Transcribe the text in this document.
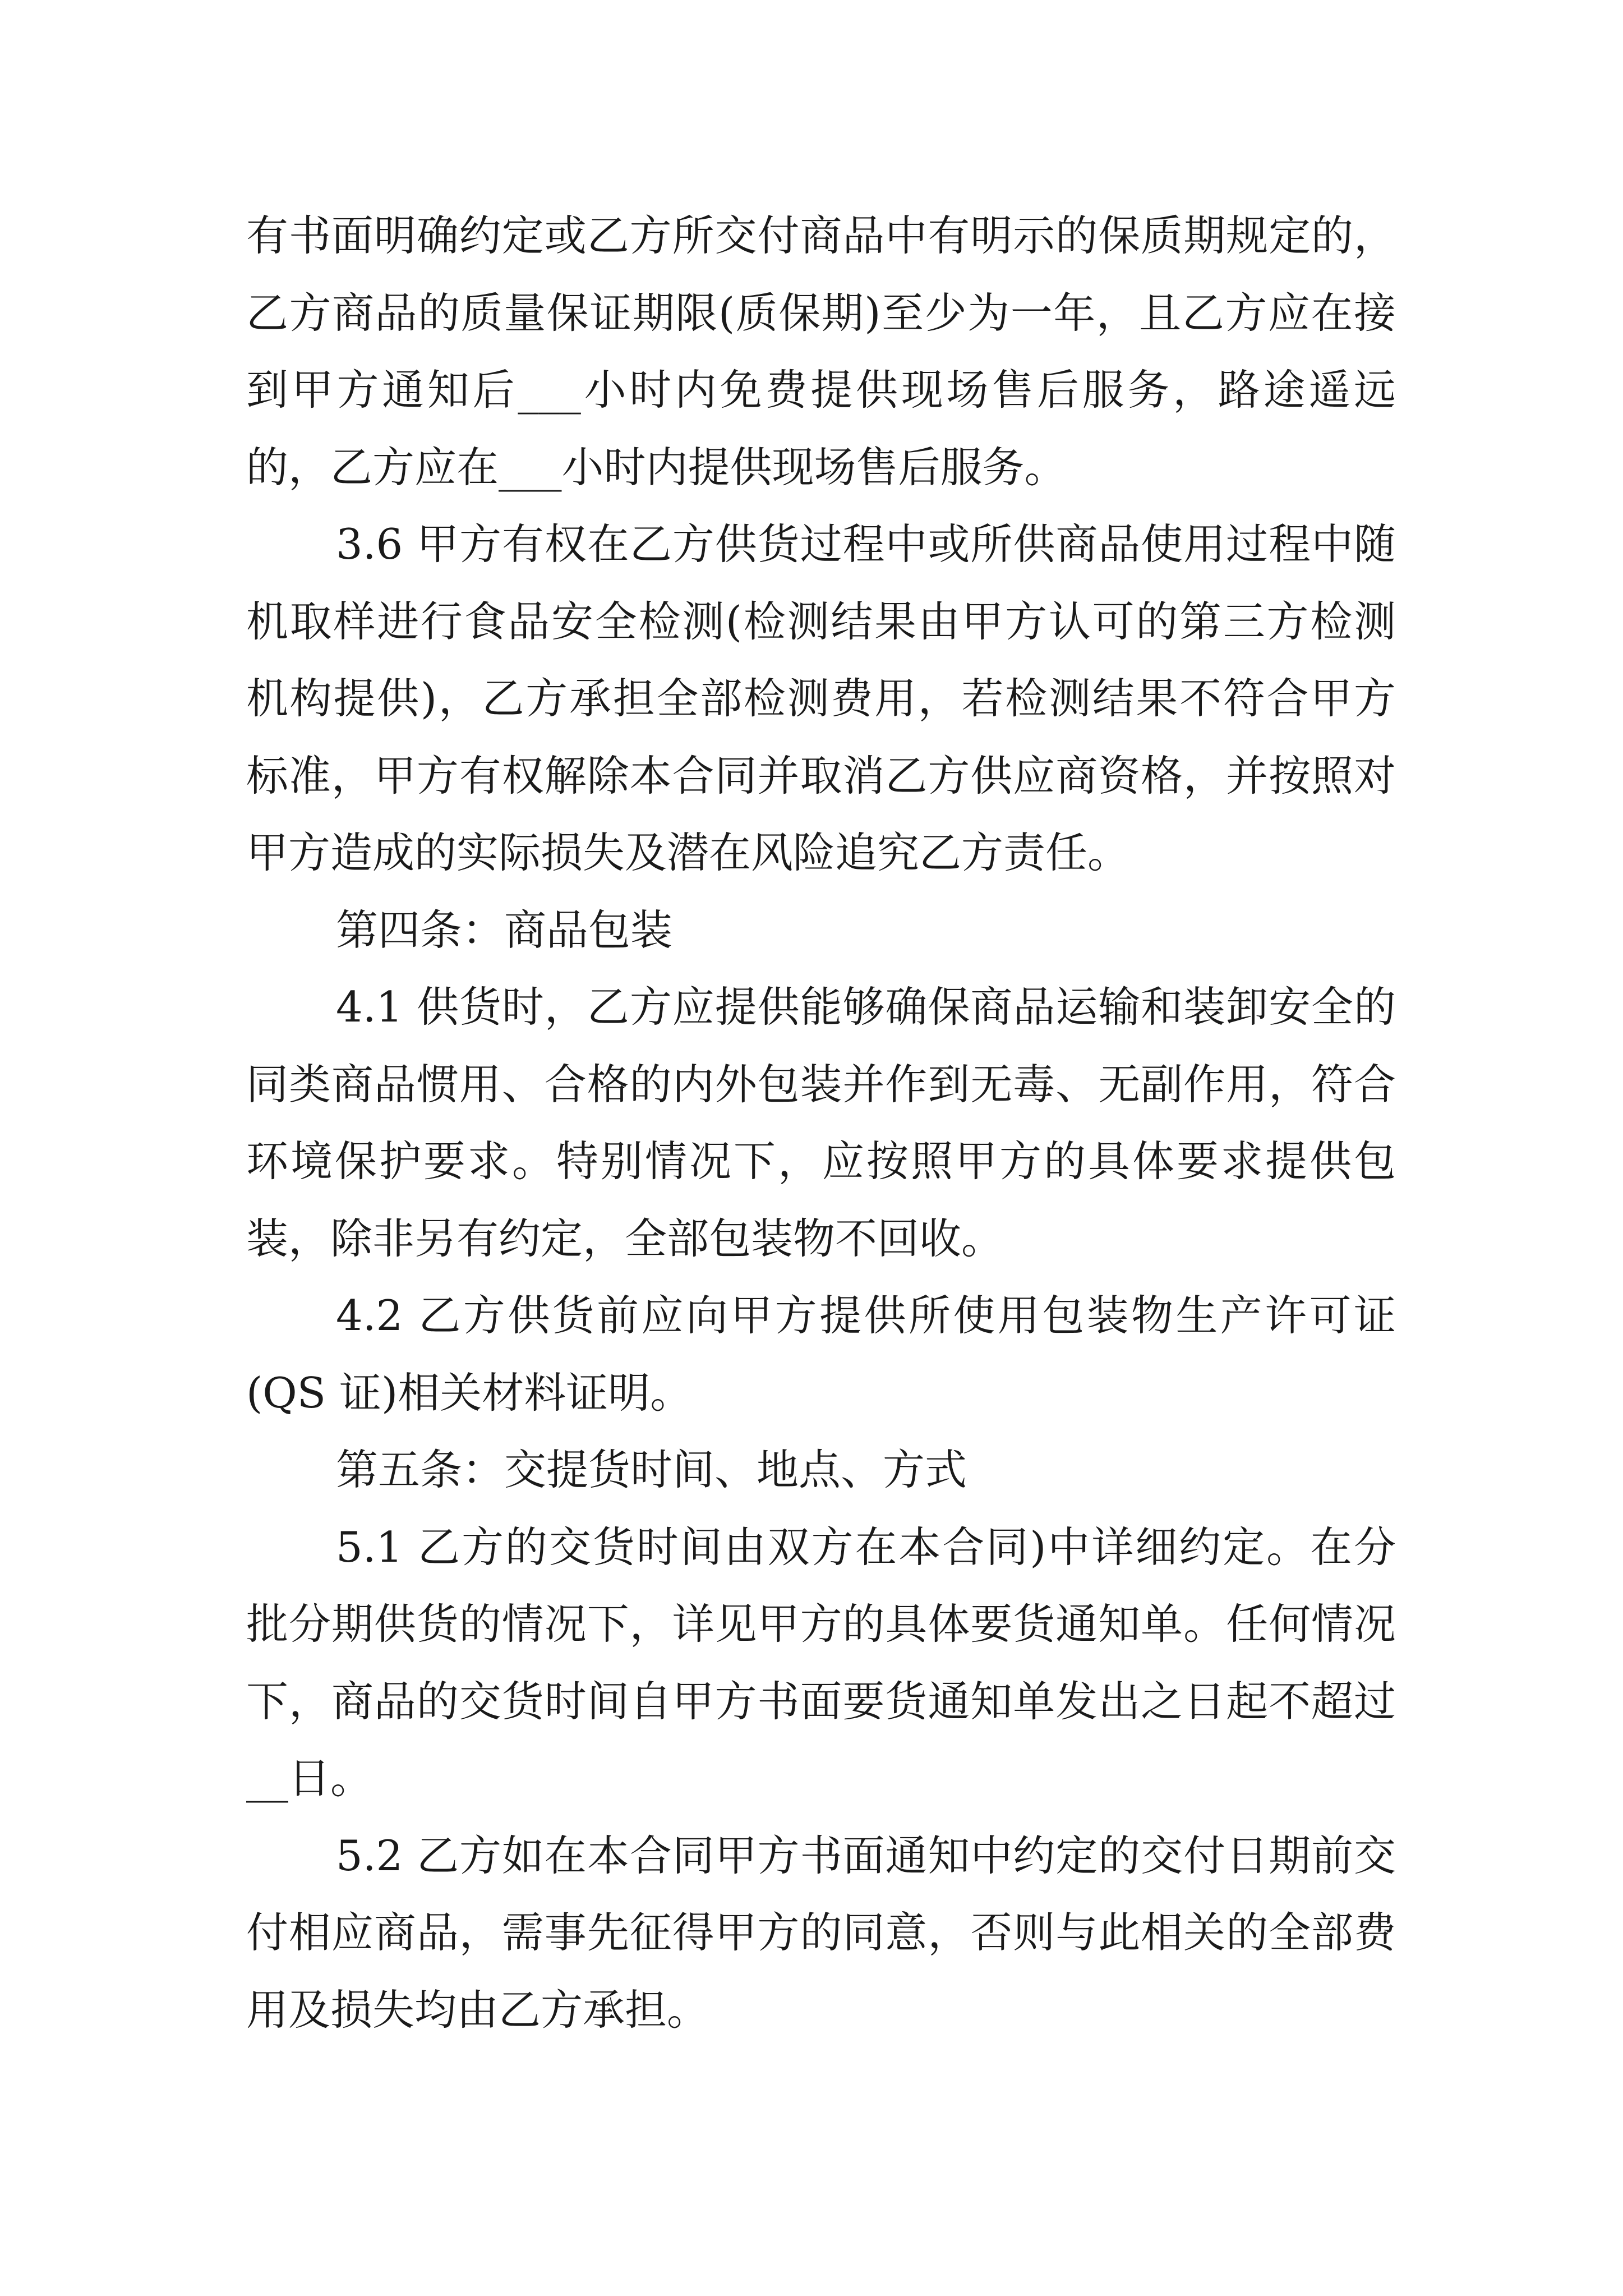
有书面明确约定或乙方所交付商品中有明示的保质期规定的，乙方商品的质量保证期限(质保期)至少为一年，且乙方应在接到甲方通知后___小时内免费提供现场售后服务，路途遥远的，乙方应在___小时内提供现场售后服务。

3.6 甲方有权在乙方供货过程中或所供商品使用过程中随机取样进行食品安全检测(检测结果由甲方认可的第三方检测机构提供)，乙方承担全部检测费用，若检测结果不符合甲方标准，甲方有权解除本合同并取消乙方供应商资格，并按照对甲方造成的实际损失及潜在风险追究乙方责任。

第四条：商品包装

4.1 供货时，乙方应提供能够确保商品运输和装卸安全的同类商品惯用、合格的内外包装并作到无毒、无副作用，符合环境保护要求。特别情况下，应按照甲方的具体要求提供包装，除非另有约定，全部包装物不回收。

4.2 乙方供货前应向甲方提供所使用包装物生产许可证(QS 证)相关材料证明。

第五条：交提货时间、地点、方式

5.1 乙方的交货时间由双方在本合同)中详细约定。在分批分期供货的情况下，详见甲方的具体要货通知单。任何情况下，商品的交货时间自甲方书面要货通知单发出之日起不超过__日。

5.2 乙方如在本合同甲方书面通知中约定的交付日期前交付相应商品，需事先征得甲方的同意，否则与此相关的全部费用及损失均由乙方承担。
